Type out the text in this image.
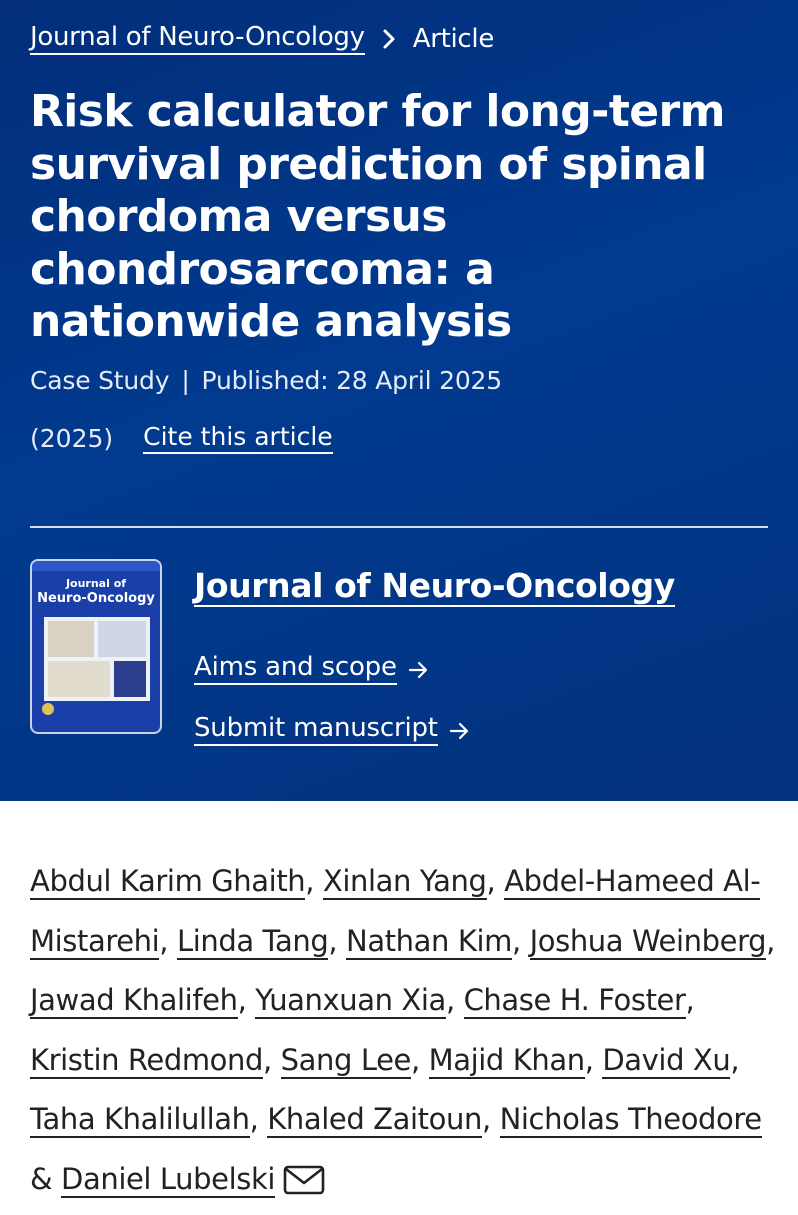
Journal of Neuro-Oncology Article
Risk calculator for long-term survival prediction of spinal chordoma versus chondrosarcoma: a nationwide analysis
Case Study | Published: 28 April 2025
(2025) Cite this article
Journal of
Neuro-Oncology Journal of Neuro-Oncology
Aims and scope
Submit manuscript

Abdul Karim Ghaith, Xinlan Yang, Abdel-Hameed Al-Mistarehi, Linda Tang, Nathan Kim, Joshua Weinberg, Jawad Khalifeh, Yuanxuan Xia, Chase H. Foster, Kristin Redmond, Sang Lee, Majid Khan, David Xu, Taha Khalilullah, Khaled Zaitoun, Nicholas Theodore & Daniel Lubelski
